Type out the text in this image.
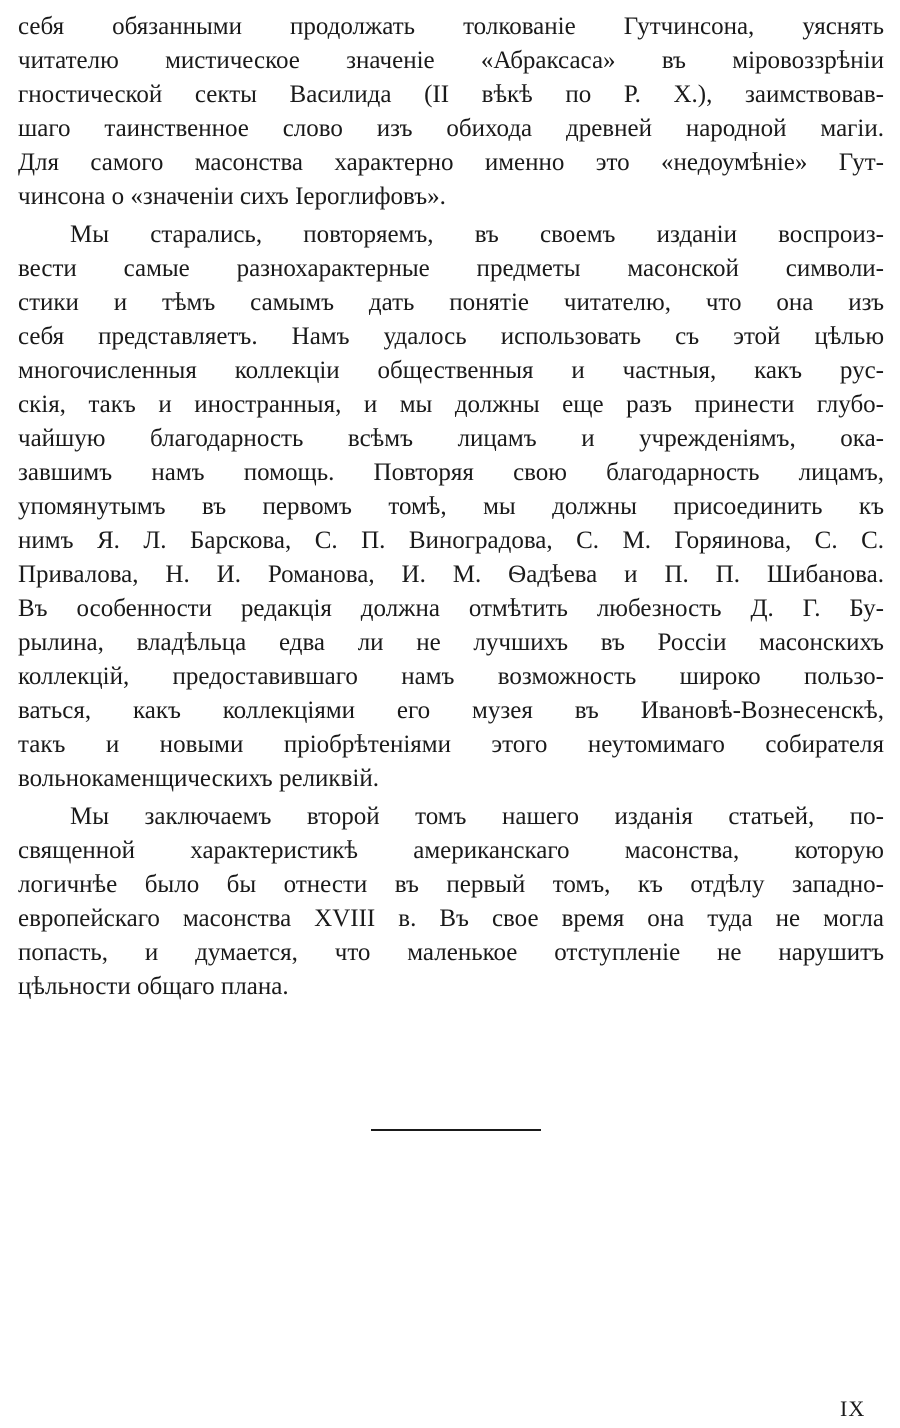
себя обязанными продолжать толкованіе Гутчинсона, уяснять
читателю мистическое значеніе «Абраксаса» въ міровоззрѣніи
гностической секты Василида (II вѣкѣ по Р. Х.), заимствовав-
шаго таинственное слово изъ обихода древней народной магіи.
Для самого масонства характерно именно это «недоумѣніе» Гут-
чинсона о «значеніи сихъ Іероглифовъ».
Мы старались, повторяемъ, въ своемъ изданіи воспроиз-
вести самые разнохарактерные предметы масонской символи-
стики и тѣмъ самымъ дать понятіе читателю, что она изъ
себя представляетъ. Намъ удалось использовать съ этой цѣлью
многочисленныя коллекціи общественныя и частныя, какъ рус-
скія, такъ и иностранныя, и мы должны еще разъ принести глубо-
чайшую благодарность всѣмъ лицамъ и учрежденіямъ, ока-
завшимъ намъ помощь. Повторяя свою благодарность лицамъ,
упомянутымъ въ первомъ томѣ, мы должны присоединить къ
нимъ Я. Л. Барскова, С. П. Виноградова, С. М. Горяинова, С. С.
Привалова, Н. И. Романова, И. М. Ѳадѣева и П. П. Шибанова.
Въ особенности редакція должна отмѣтить любезность Д. Г. Бу-
рылина, владѣльца едва ли не лучшихъ въ Россіи масонскихъ
коллекцій, предоставившаго намъ возможность широко пользо-
ваться, какъ коллекціями его музея въ Ивановѣ-Вознесенскѣ,
такъ и новыми пріобрѣтеніями этого неутомимаго собирателя
вольнокаменщическихъ реликвій.
Мы заключаемъ второй томъ нашего изданія статьей, по-
священной характеристикѣ американскаго масонства, которую
логичнѣе было бы отнести въ первый томъ, къ отдѣлу западно-
европейскаго масонства XVIII в. Въ свое время она туда не могла
попасть, и думается, что маленькое отступленіе не нарушитъ
цѣльности общаго плана.
IX
